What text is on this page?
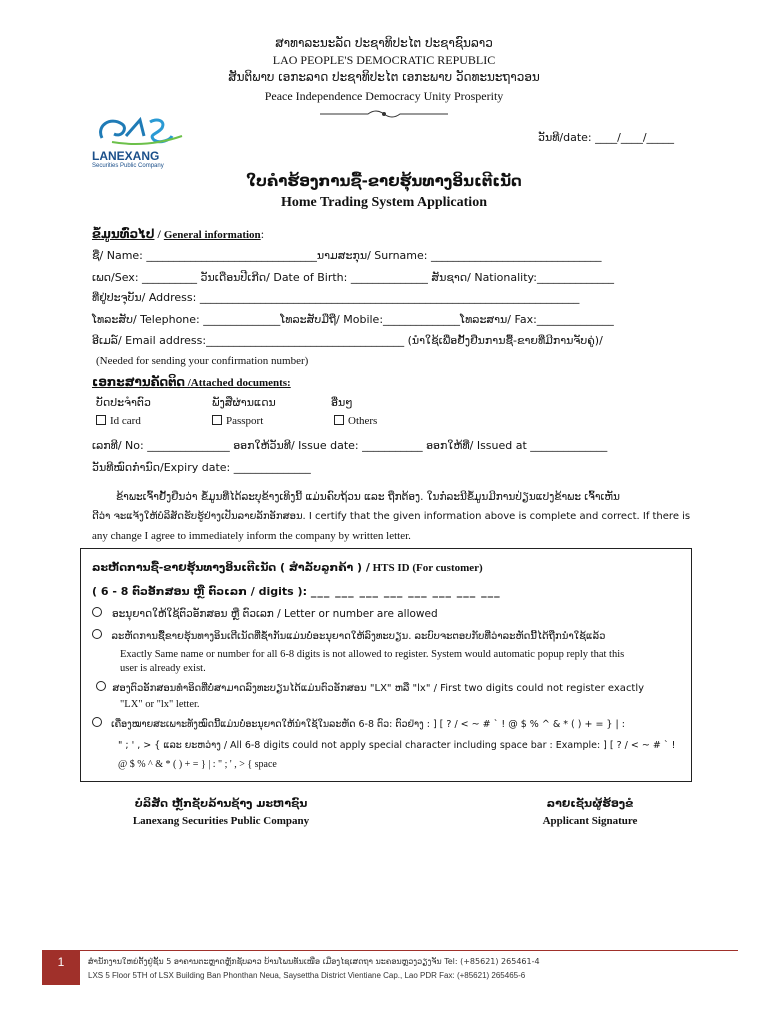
ສາທາລະນະລັດ ປະຊາທິປະໄຕ ປະຊາຊົນລາວ
LAO PEOPLE'S DEMOCRATIC REPUBLIC
ສັນຕິພາບ ເອກະລາດ ປະຊາທິປະໄຕ ເອກະພາບ ວັດທະນະຖາວອນ
Peace Independence Democracy Unity Prosperity
LANEXANG
Securities Public Company
ວັນທີ/date: ____/____/_____
ໃບຄຳຮ້ອງການຊື້-ຂາຍຮຸ້ນທາງອິນເຕີເນັດ
Home Trading System Application
ຂໍ້ມູນທົ່ວໄປ / General information:
ຊື່/ Name: _______________________________ນາມສະກຸນ/ Surname: _______________________________
ເພດ/Sex: __________ ວັນເດືອນປີເກີດ/ Date of Birth: ______________ ສັນຊາດ/ Nationality:______________
ທີ່ຢູ່ປະຈຸບັນ/ Address: _____________________________________________________________________
ໂທລະສັບ/ Telephone: ______________ໂທລະສັບມືຖື/ Mobile:______________ໂທລະສານ/ Fax:______________
ອີເມລ໌/ Email address:____________________________________ (ນຳໃຊ້ເພື່ອຢັ້ງຢືນການຊື້-ຂາຍທີ່ມີການຈັບຄູ່)/
(Needed for sending your confirmation number)
ເອກະສານຄັດຕິດ /Attached documents:
ບັດປະຈຳຕົວ	ພັງສືຜ່ານແດນ	ອື່ນໆ
Id card	Passport	Others
ເລກທີ/ No: _______________ ອອກໃຫ້ວັນທີ/ Issue date: ___________ ອອກໃຫ້ທີ່/ Issued at ______________
ວັນທີໝົດກຳນົດ/Expiry date: ______________
ຂ້າພະເຈົ້າຢັ້ງຢືນວ່າ ຂໍ້ມູນທີ່ໄດ້ລະບຸຂ້າງເທິງນີ້ ແມ່ນຄົບຖ້ວນ ແລະ ຖືກຕ້ອງ. ໃນກໍລະນີຂໍ້ມູນມີການປ່ຽນແປງຂ້າພະ ເຈົ້າເຫັນ
ດີວ່າ ຈະແຈ້ງໃຫ້ບໍລິສັດຮັບຮູ້ຢ່າງເປັນລາຍລັກອັກສອນ. I certify that the given information above is complete and correct. If there is
any change I agree to immediately inform the company by written letter.
ລະຫັດການຊື້-ຂາຍຮຸ້ນທາງອິນເຕີເນັດ ( ສຳລັບລູກຄ້າ ) / HTS ID (For customer)
( 6 - 8 ຕົວອັກສອນ ຫຼື ຕົວເລກ / digits ): ___ ___ ___ ___ ___ ___ ___ ___
ອະນຸຍາດໃຫ້ໃຊ້ຕົວອັກສອນ ຫຼື ຕົວເລກ / Letter or number are allowed
ລະຫັດການຊື້ຂາຍຮຸ້ນທາງອິນເຕີເນັດທີ່ຊ້ຳກັນແມ່ນບໍ່ອະນຸຍາດໃຫ້ລົງທະບຽນ. ລະບົບຈະຕອບກັບທີ່ວ່າລະຫັດນີ້ໄດ້ຖືກນຳໃຊ້ແລ້ວ
Exactly Same name or number for all 6-8 digits is not allowed to register. System would automatic popup reply that this
user is already exist.
ສອງຕົວອັກສອນທຳອິດທີ່ບໍ່ສາມາດລົງທະບຽນໄດ້ແມ່ນຕົວອັກສອນ "LX" ຫລື "lx" / First two digits could not register exactly
"LX" or "lx" letter.
ເຄື່ອງໝາຍສະເພາະທັງໝົດນີ້ແມ່ນບໍ່ອະນຸຍາດໃຫ້ນຳໃຊ້ໃນລະຫັດ 6-8 ຕົວ: ຕົວຢ່າງ : ] [ ? / < ~ # ` ! @ $ % ^ & * ( ) + = } | :
" ; ' , > { ແລະ ຍະຫວ່າງ / All 6-8 digits could not apply special character including space bar : Example: ] [ ? / < ~ # ` !
@ $ % ^ & * ( ) + = } | : " ; ' , > { space
ບໍລິສັດ ຫຼັກຊັບລ້ານຊ້າງ ມະຫາຊົນ
Lanexang Securities Public Company
ລາຍເຊັນຜູ້ຮ້ອງຂໍ
Applicant Signature
1	ສຳນັກງານໃຫຍ່ຕັ້ງຢູ່ຊັ້ນ 5 ອາຄານຕະຫຼາດຫຼັກຊັບລາວ ບ້ານໂພນທັນເໜືອ ເມືອງໄຊເສດຖາ ນະຄອນຫຼວງວຽງຈັນ Tel: (+85621) 265461-4
LXS 5 Floor 5TH of LSX Building Ban Phonthan Neua, Saysettha District Vientiane Cap., Lao PDR Fax: (+85621) 265465-6
